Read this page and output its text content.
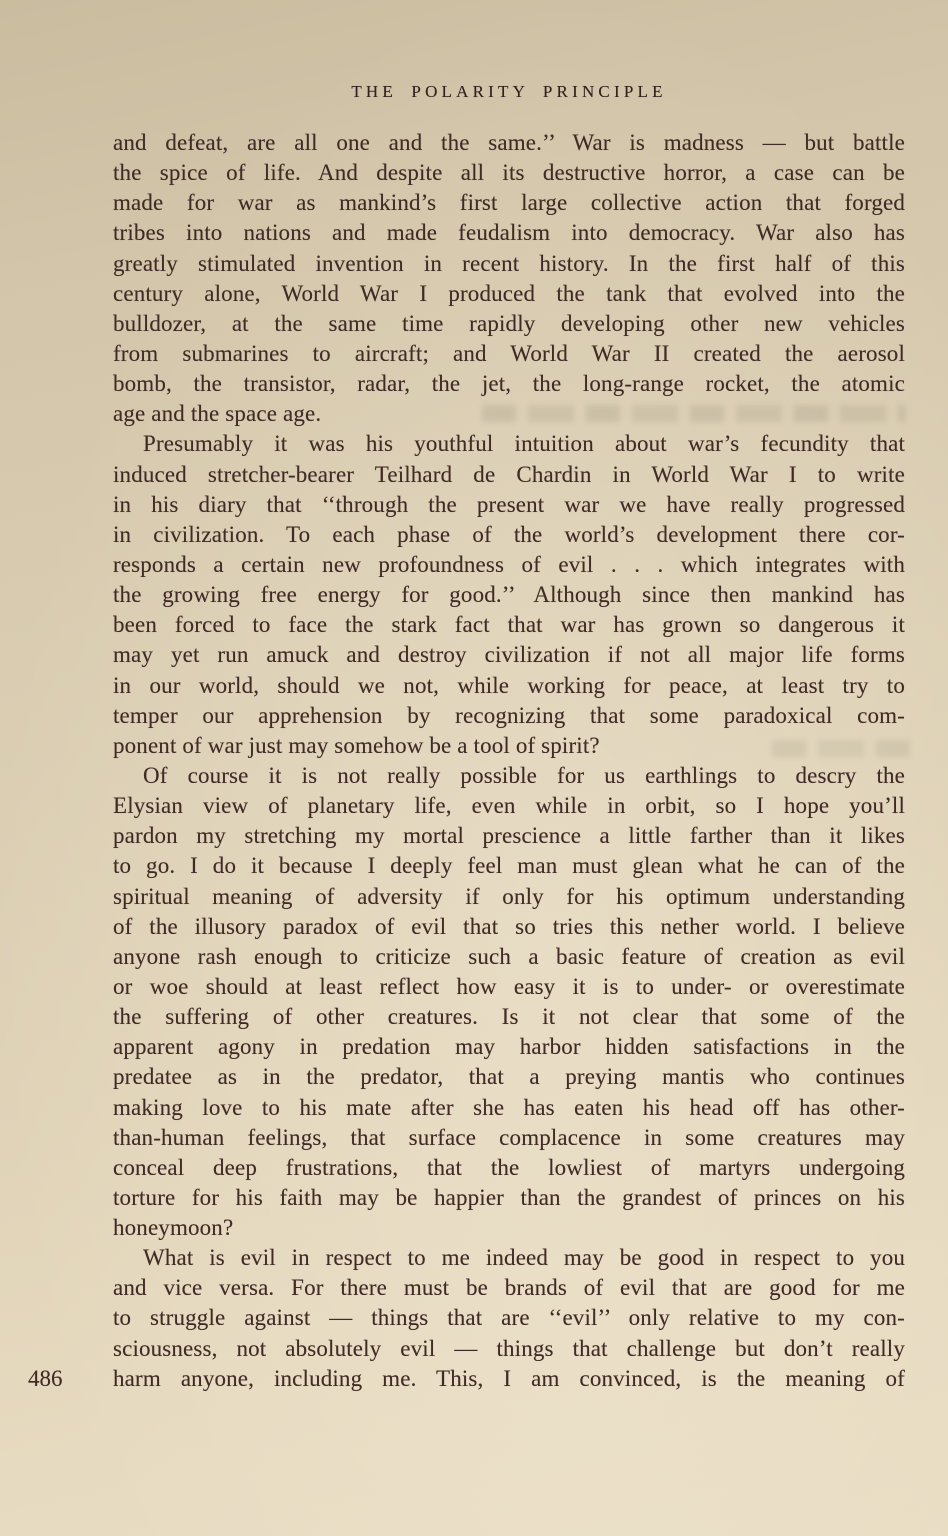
THE POLARITY PRINCIPLE
and defeat, are all one and the same.’’ War is madness — but battle
the spice of life. And despite all its destructive horror, a case can be
made for war as mankind’s first large collective action that forged
tribes into nations and made feudalism into democracy. War also has
greatly stimulated invention in recent history. In the first half of this
century alone, World War I produced the tank that evolved into the
bulldozer, at the same time rapidly developing other new vehicles
from submarines to aircraft; and World War II created the aerosol
bomb, the transistor, radar, the jet, the long-range rocket, the atomic
age and the space age.
Presumably it was his youthful intuition about war’s fecundity that
induced stretcher-bearer Teilhard de Chardin in World War I to write
in his diary that ‘‘through the present war we have really progressed
in civilization. To each phase of the world’s development there cor-
responds a certain new profoundness of evil . . . which integrates with
the growing free energy for good.’’ Although since then mankind has
been forced to face the stark fact that war has grown so dangerous it
may yet run amuck and destroy civilization if not all major life forms
in our world, should we not, while working for peace, at least try to
temper our apprehension by recognizing that some paradoxical com-
ponent of war just may somehow be a tool of spirit?
Of course it is not really possible for us earthlings to descry the
Elysian view of planetary life, even while in orbit, so I hope you’ll
pardon my stretching my mortal prescience a little farther than it likes
to go. I do it because I deeply feel man must glean what he can of the
spiritual meaning of adversity if only for his optimum understanding
of the illusory paradox of evil that so tries this nether world. I believe
anyone rash enough to criticize such a basic feature of creation as evil
or woe should at least reflect how easy it is to under- or overestimate
the suffering of other creatures. Is it not clear that some of the
apparent agony in predation may harbor hidden satisfactions in the
predatee as in the predator, that a preying mantis who continues
making love to his mate after she has eaten his head off has other-
than-human feelings, that surface complacence in some creatures may
conceal deep frustrations, that the lowliest of martyrs undergoing
torture for his faith may be happier than the grandest of princes on his
honeymoon?
What is evil in respect to me indeed may be good in respect to you
and vice versa. For there must be brands of evil that are good for me
to struggle against — things that are ‘‘evil’’ only relative to my con-
sciousness, not absolutely evil — things that challenge but don’t really
harm anyone, including me. This, I am convinced, is the meaning of
486
